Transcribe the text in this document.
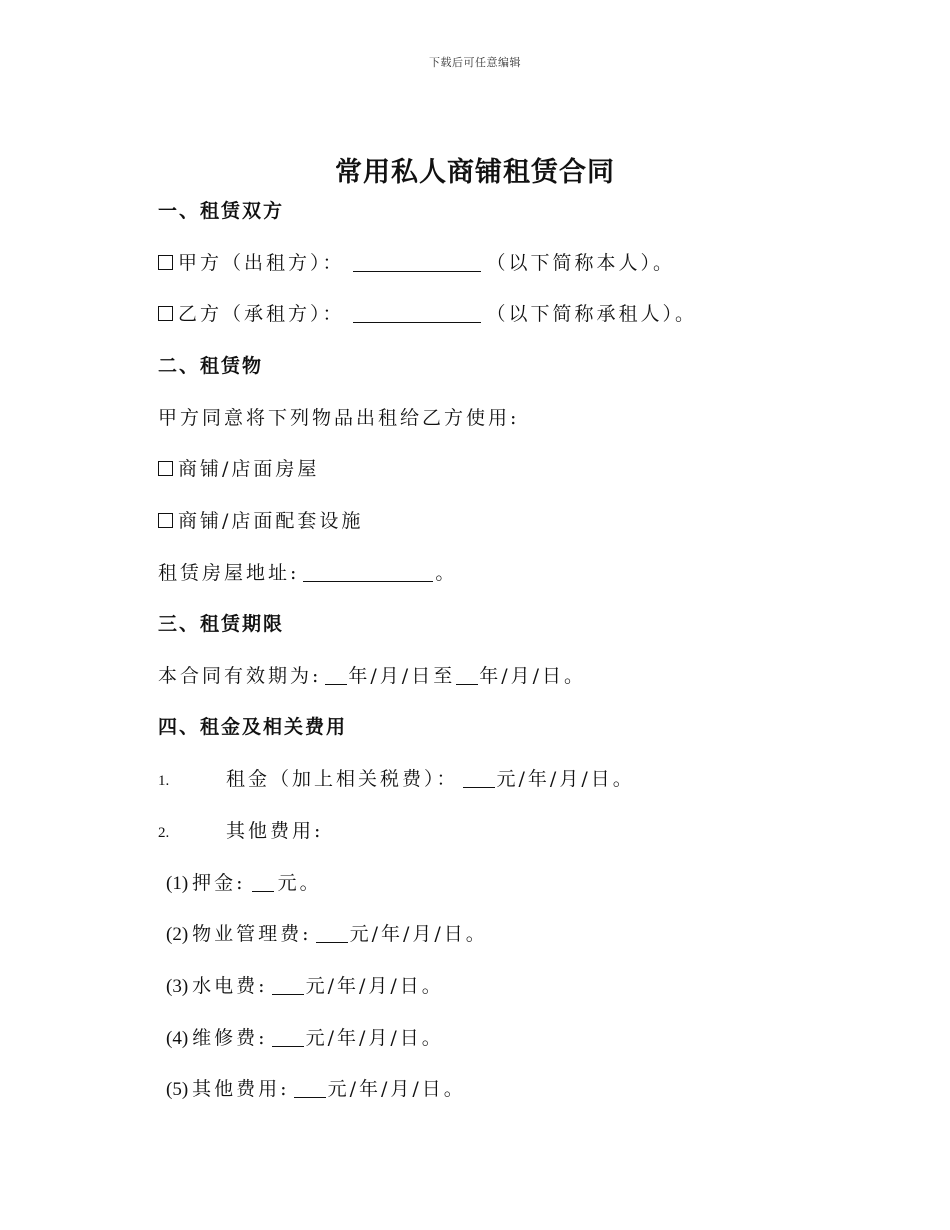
下载后可任意编辑
常用私人商铺租赁合同
一、租赁双方
甲方（出租方）：	（以下简称本人）。
乙方（承租方）：	（以下简称承租人）。
二、租赁物
甲方同意将下列物品出租给乙方使用:
商铺/店面房屋
商铺/店面配套设施
租赁房屋地址:	。
三、租赁期限
本合同有效期为: 年/月/日至 年/月/日。
四、租金及相关费用
1.	租金（加上相关税费）： 元/年/月/日。
2.	其他费用:
(1) 押金: 元。
(2) 物业管理费: 元/年/月/日。
(3) 水电费: 元/年/月/日。
(4) 维修费: 元/年/月/日。
(5) 其他费用: 元/年/月/日。
